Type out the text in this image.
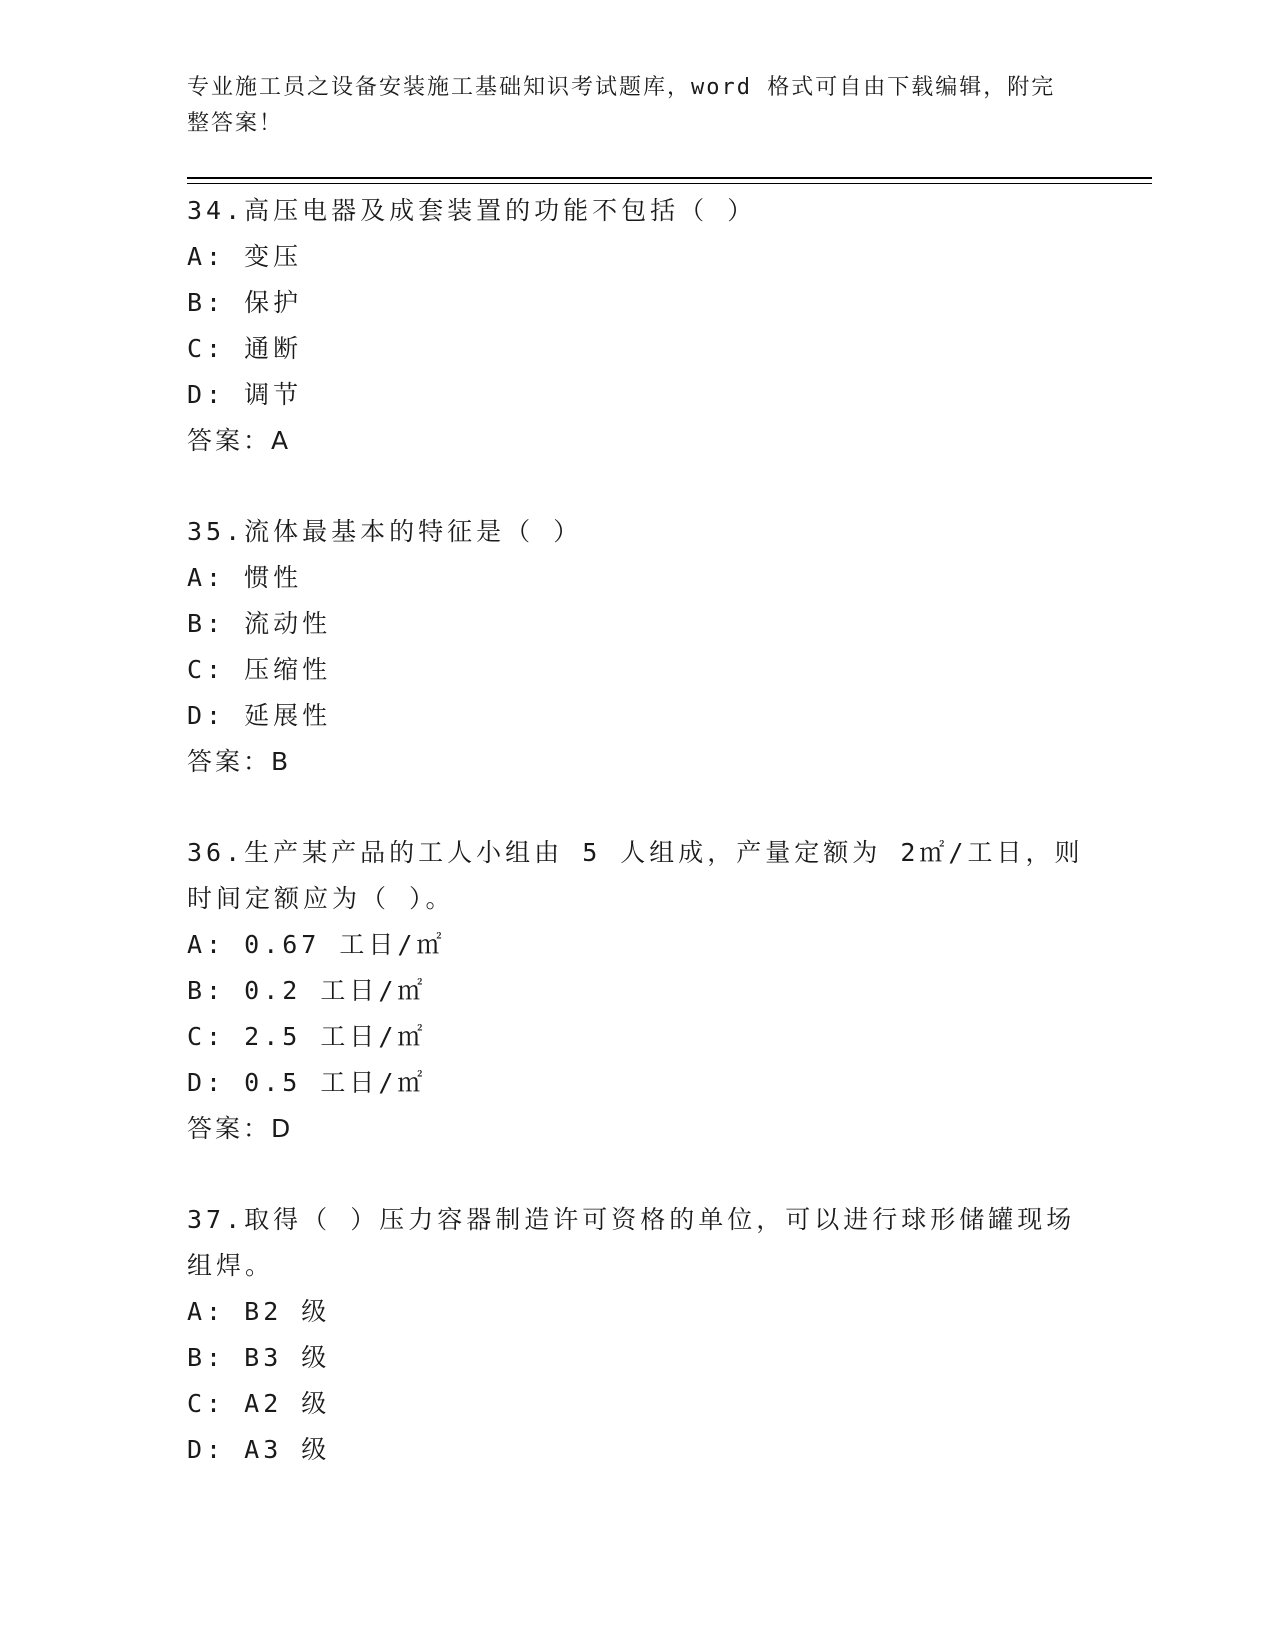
专业施工员之设备安装施工基础知识考试题库，word 格式可自由下载编辑，附完整答案！
34.高压电器及成套装置的功能不包括（ ）
A: 变压
B: 保护
C: 通断
D: 调节
答案：A
35.流体最基本的特征是（ ）
A: 惯性
B: 流动性
C: 压缩性
D: 延展性
答案：B
36.生产某产品的工人小组由 5 人组成，产量定额为 2㎡/工日，则时间定额应为（ ）。
A: 0.67 工日/㎡
B: 0.2 工日/㎡
C: 2.5 工日/㎡
D: 0.5 工日/㎡
答案：D
37.取得（ ）压力容器制造许可资格的单位，可以进行球形储罐现场组焊。
A: B2 级
B: B3 级
C: A2 级
D: A3 级
